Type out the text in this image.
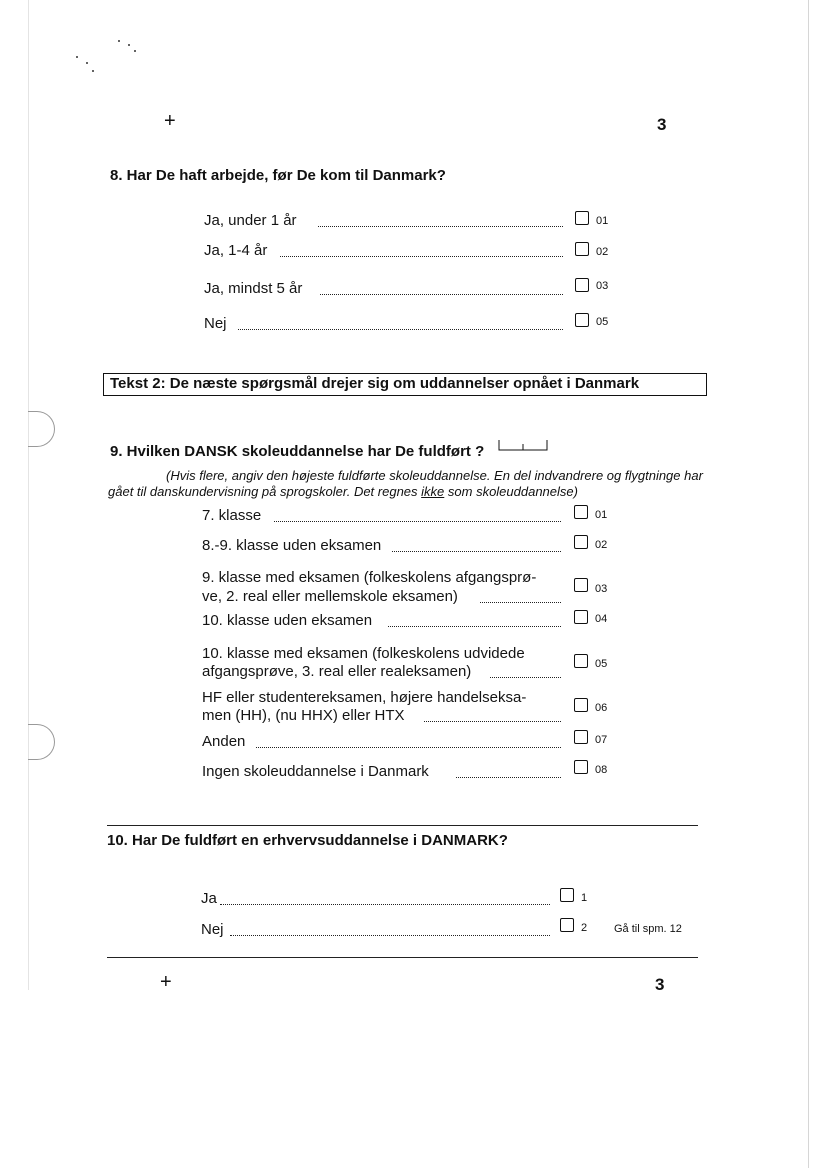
+	3
8. Har De haft arbejde, før De kom til Danmark?
Ja, under 1 år	01
Ja, 1-4 år	02
Ja, mindst 5 år	03
Nej	05
Tekst 2: De næste spørgsmål drejer sig om uddannelser opnået i Danmark
9. Hvilken DANSK skoleuddannelse har De fuldført ?
(Hvis flere, angiv den højeste fuldførte skoleuddannelse. En del indvandrere og flygtninge har
gået til danskundervisning på sprogskoler. Det regnes ikke som skoleuddannelse)
7. klasse	01
8.-9. klasse uden eksamen	02
9. klasse med eksamen (folkeskolens afgangsprø-
ve, 2. real eller mellemskole eksamen)	03
10. klasse uden eksamen	04
10. klasse med eksamen (folkeskolens udvidede
afgangsprøve, 3. real eller realeksamen)	05
HF eller studentereksamen, højere handelseksa-
men (HH), (nu HHX) eller HTX	06
Anden	07
Ingen skoleuddannelse i Danmark	08
10. Har De fuldført en erhvervsuddannelse i DANMARK?
Ja	1
Nej	2 Gå til spm. 12
+	3
